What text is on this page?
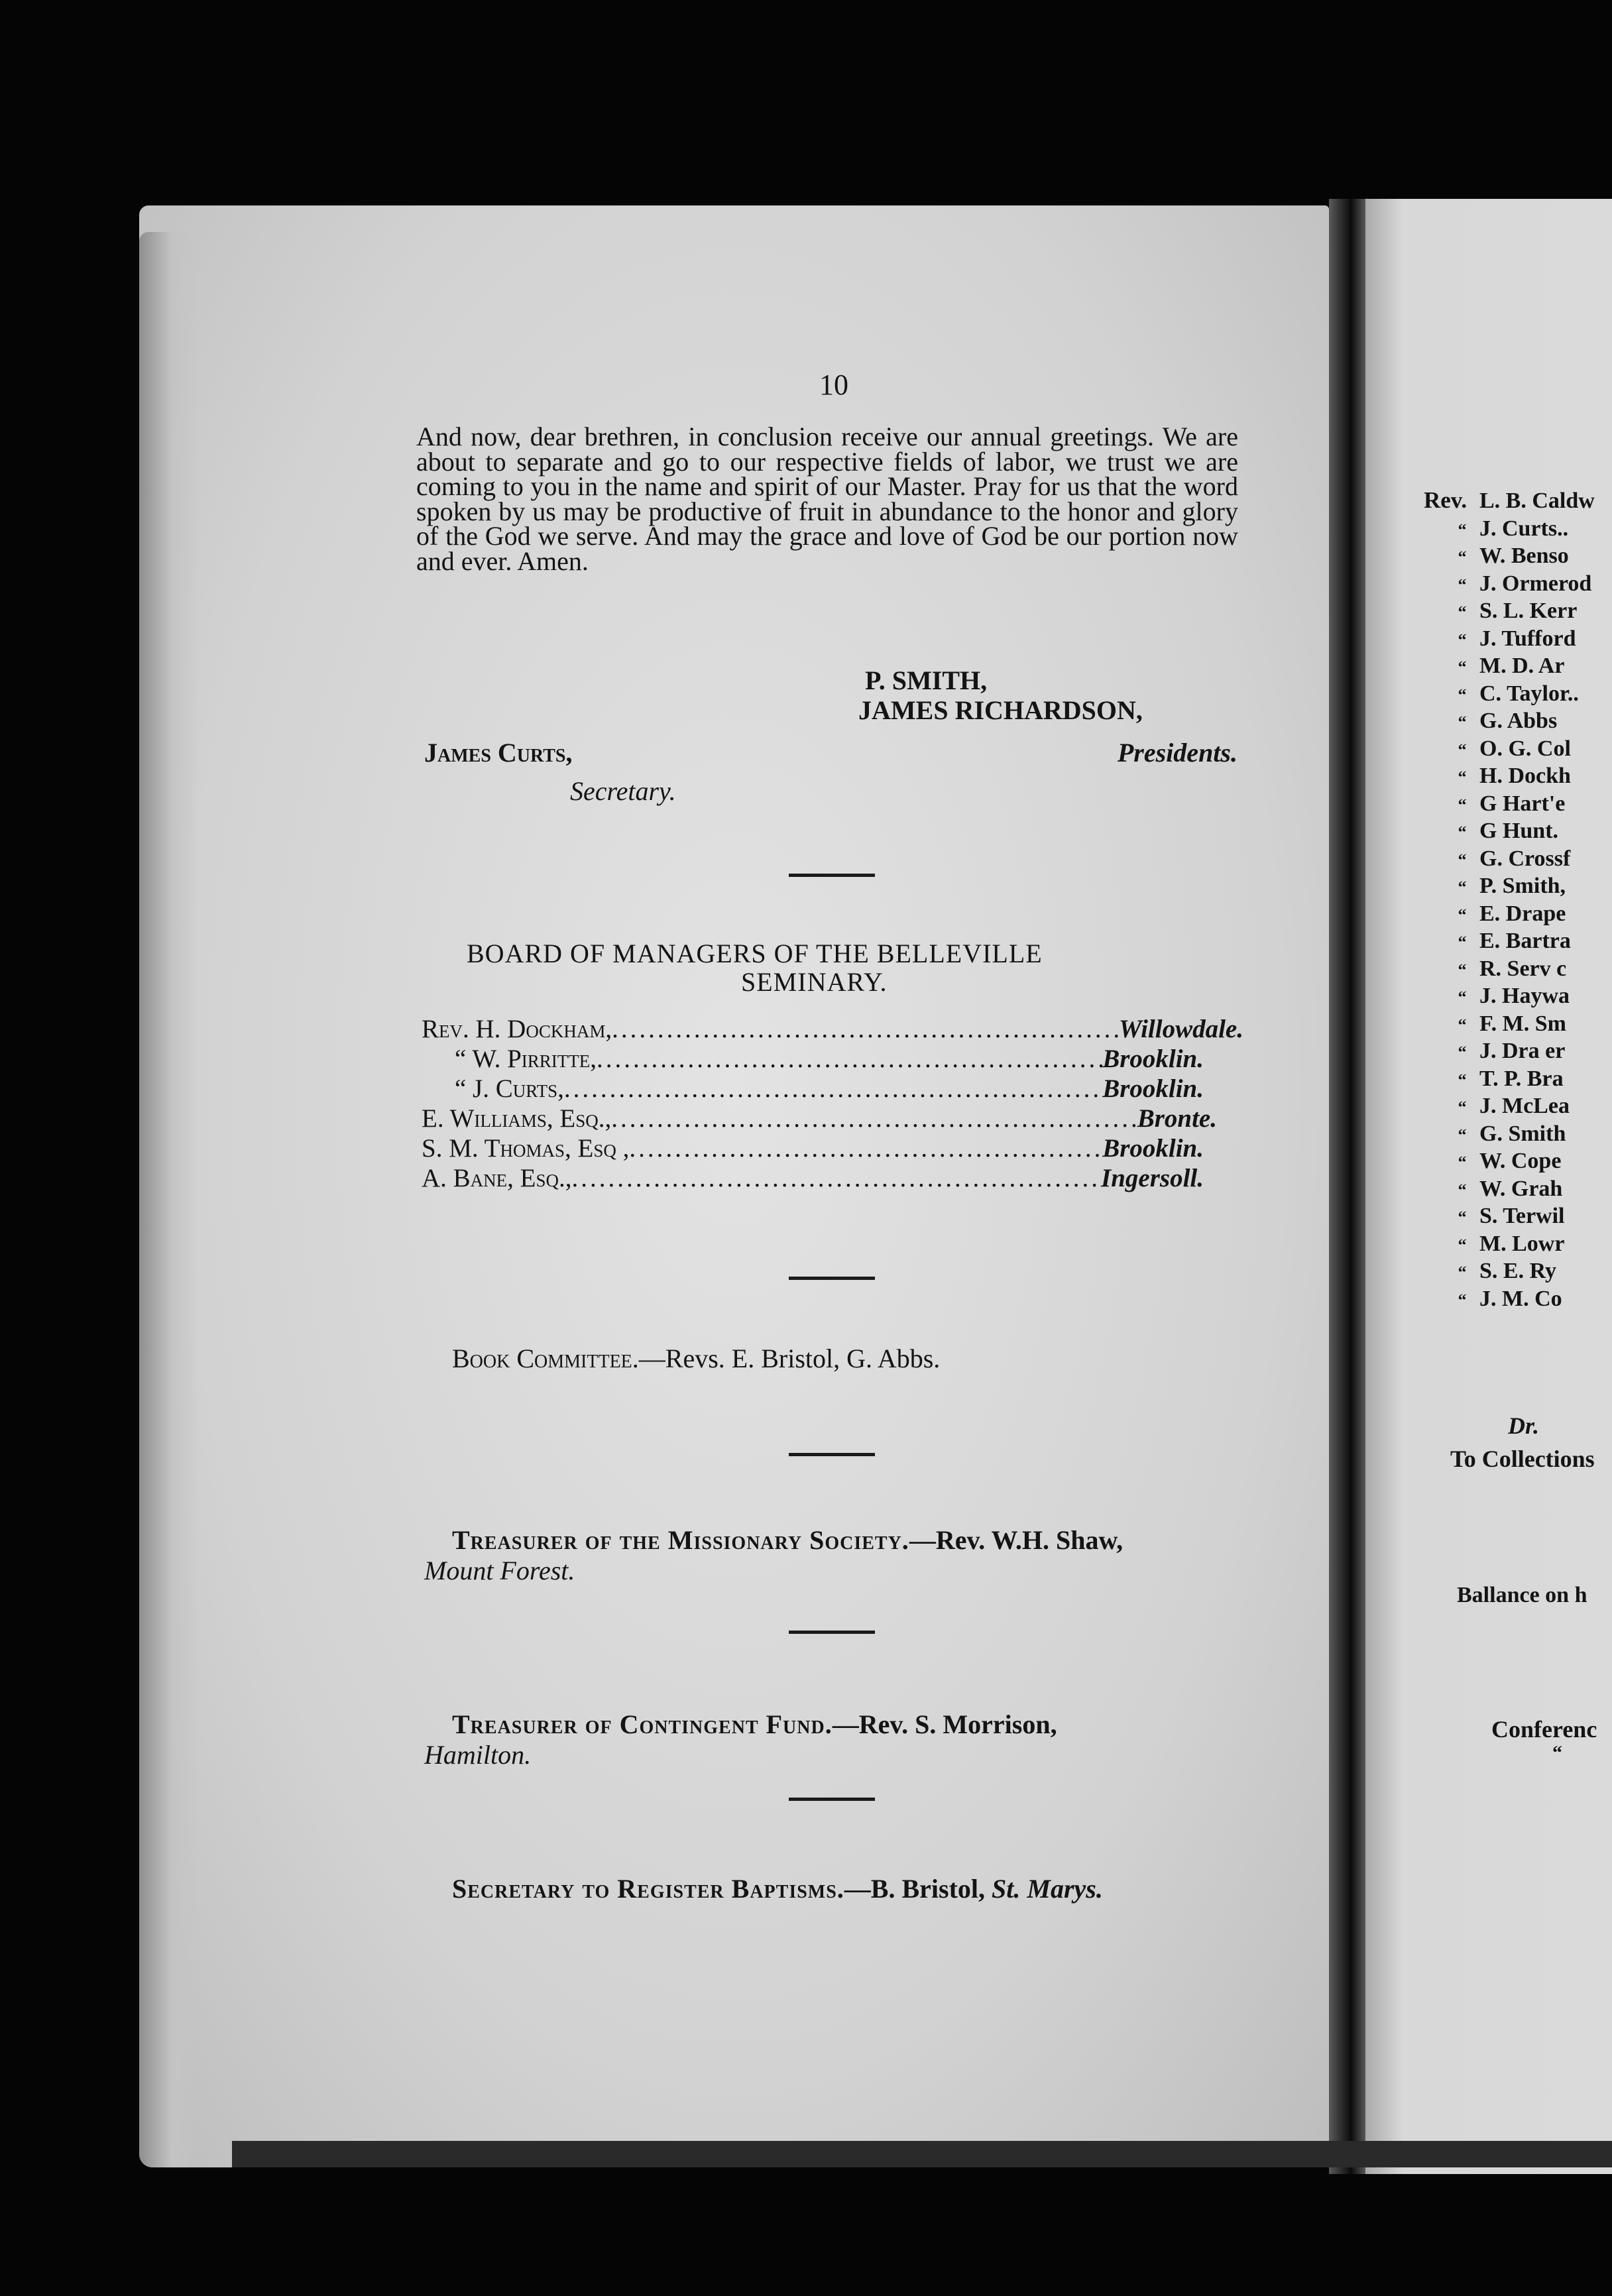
10
And now, dear brethren, in conclusion receive our annual greetings. We are about to separate and go to our respective fields of labor, we trust we are coming to you in the name and spirit of our Master. Pray for us that the word spoken by us may be productive of fruit in abundance to the honor and glory of the God we serve. And may the grace and love of God be our portion now and ever. Amen.
P. SMITH,
JAMES RICHARDSON,
James Curts,	Presidents.
Secretary.
BOARD OF MANAGERS OF THE BELLEVILLE
SEMINARY.
Rev. H. Dockham, .....	Willowdale.
“ W. Pirritte, .....	Brooklin.
“ J. Curts, .....	Brooklin.
E. Williams, Esq., .....	Bronte.
S. M. Thomas, Esq , .....	Brooklin.
A. Bane, Esq., .....	Ingersoll.
Book Committee.—Revs. E. Bristol, G. Abbs.
Treasurer of the Missionary Society.—Rev. W.H. Shaw,
Mount Forest.
Treasurer of Contingent Fund.—Rev. S. Morrison,
Hamilton.
Secretary to Register Baptisms.—B. Bristol, St. Marys.
Rev. L. B. Caldw
“ J. Curts..
“ W. Benso
“ J. Ormerod
“ S. L. Kerr
“ J. Tufford
“ M. D. Ar
“ C. Taylor..
“ G. Abbs
“ O. G. Col
“ H. Dockh
“ G Hart'e
“ G Hunt.
“ G. Crossf
“ P. Smith,
“ E. Drape
“ E. Bartra
“ R. Serv c
“ J. Haywa
“ F. M. Sm
“ J. Dra er
“ T. P. Bra
“ J. McLea
“ G. Smith
“ W. Cope
“ W. Grah
“ S. Terwil
“ M. Lowr
“ S. E. Ry
“ J. M. Co
Dr.
To Collections
Ballance on h
Conferenc
“
